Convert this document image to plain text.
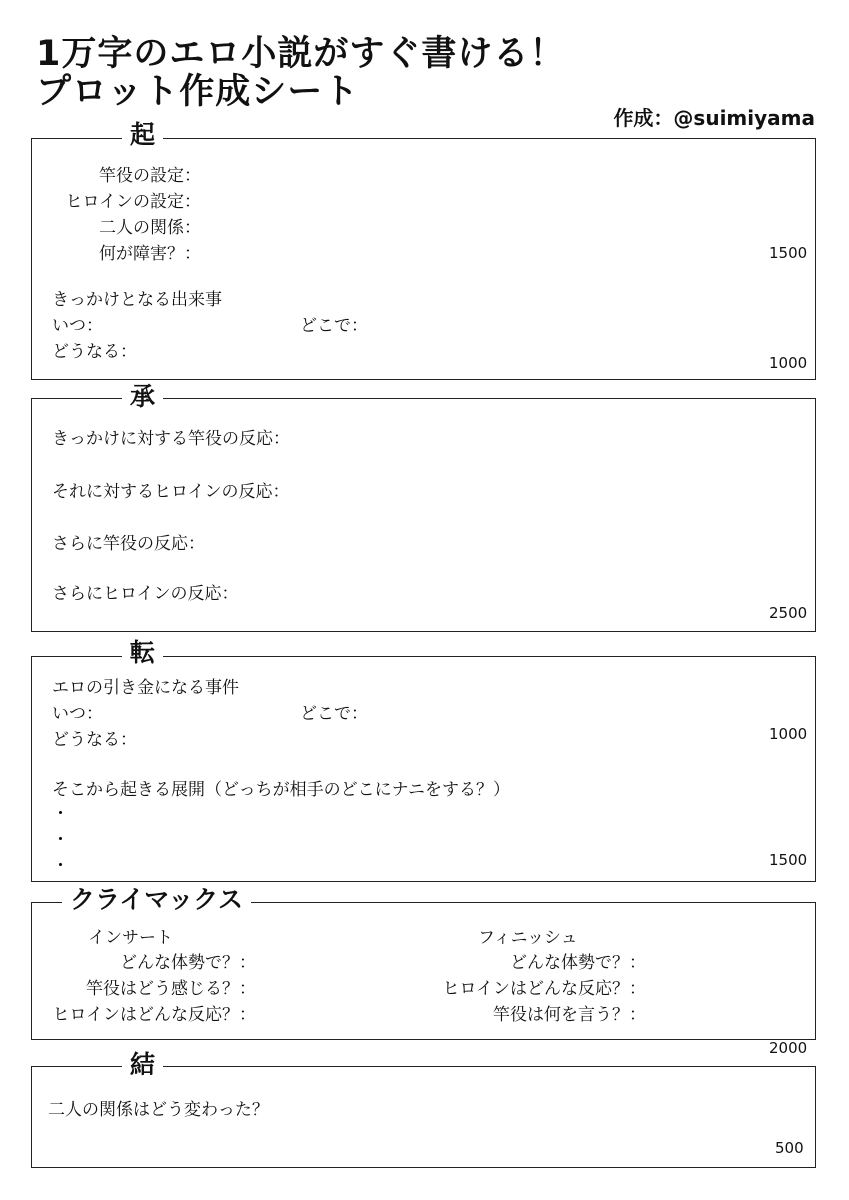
1万字のエロ小説がすぐ書ける！
プロット作成シート
作成：@suimiyama
起
竿役の設定：
ヒロインの設定：
二人の関係：
何が障害？：	1500
きっかけとなる出来事
いつ：	どこで：
どうなる：
1000
承
きっかけに対する竿役の反応：
それに対するヒロインの反応：
さらに竿役の反応：
さらにヒロインの反応：
2500
転
エロの引き金になる事件
いつ：	どこで：
どうなる：	1000
そこから起きる展開（どっちが相手のどこにナニをする？）
・
・
・	1500
クライマックス
インサート
どんな体勢で？：
竿役はどう感じる？：
ヒロインはどんな反応？：
フィニッシュ
どんな体勢で？：
ヒロインはどんな反応？：
竿役は何を言う？：
2000
結
二人の関係はどう変わった？
500
